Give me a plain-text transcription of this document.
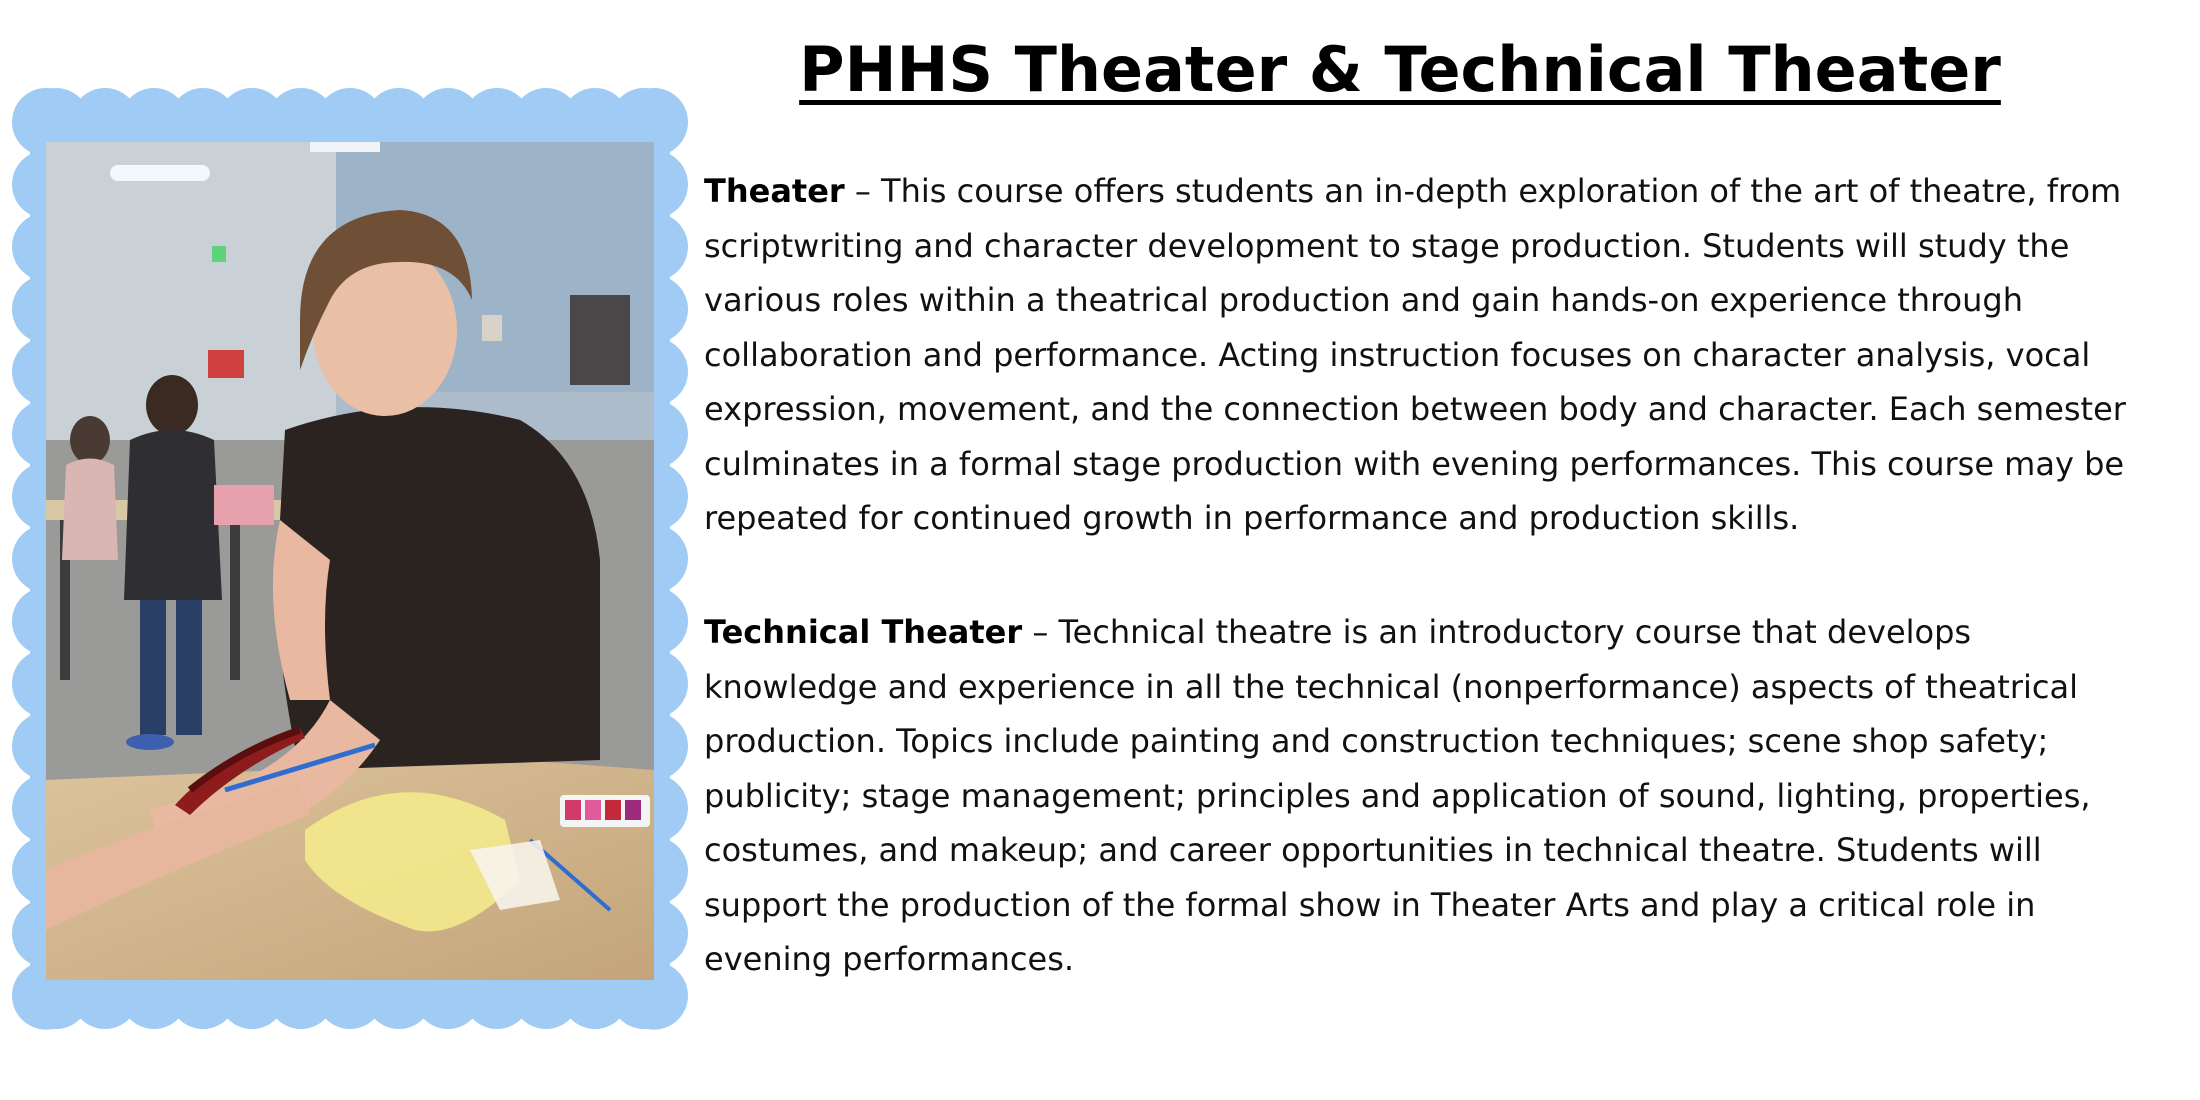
PHHS Theater & Technical Theater

Theater – This course offers students an in-depth exploration of the art of theatre, from scriptwriting and character development to stage production. Students will study the various roles within a theatrical production and gain hands-on experience through collaboration and performance. Acting instruction focuses on character analysis, vocal expression, movement, and the connection between body and character. Each semester culminates in a formal stage production with evening performances. This course may be repeated for continued growth in performance and production skills.

Technical Theater – Technical theatre is an introductory course that develops knowledge and experience in all the technical (nonperformance) aspects of theatrical production. Topics include painting and construction techniques; scene shop safety; publicity; stage management; principles and application of sound, lighting, properties, costumes, and makeup; and career opportunities in technical theatre. Students will support the production of the formal show in Theater Arts and play a critical role in evening performances.
